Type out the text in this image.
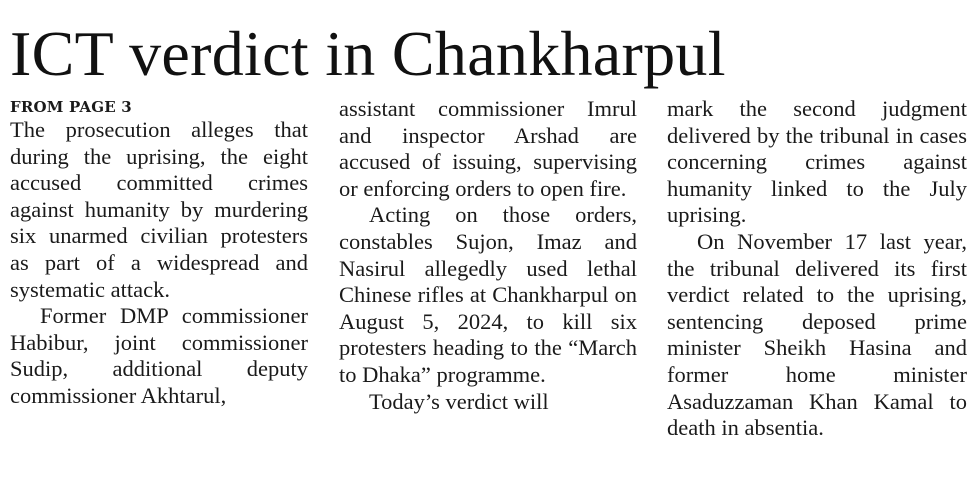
ICT verdict in Chankharpul
FROM PAGE 3

The prosecution alleges that during the uprising, the eight accused committed crimes against humanity by murdering six unarmed civilian protesters as part of a widespread and systematic attack.

Former DMP commissioner Habibur, joint commissioner Sudip, additional deputy commissioner Akhtarul,

assistant commissioner Imrul and inspector Arshad are accused of issuing, supervising or enforcing orders to open fire.

Acting on those orders, constables Sujon, Imaz and Nasirul allegedly used lethal Chinese rifles at Chankharpul on August 5, 2024, to kill six protesters heading to the “March to Dhaka” programme.

Today’s verdict will

mark the second judgment delivered by the tribunal in cases concerning crimes against humanity linked to the July uprising.

On November 17 last year, the tribunal delivered its first verdict related to the uprising, sentencing deposed prime minister Sheikh Hasina and former home minister Asaduzzaman Khan Kamal to death in absentia.
